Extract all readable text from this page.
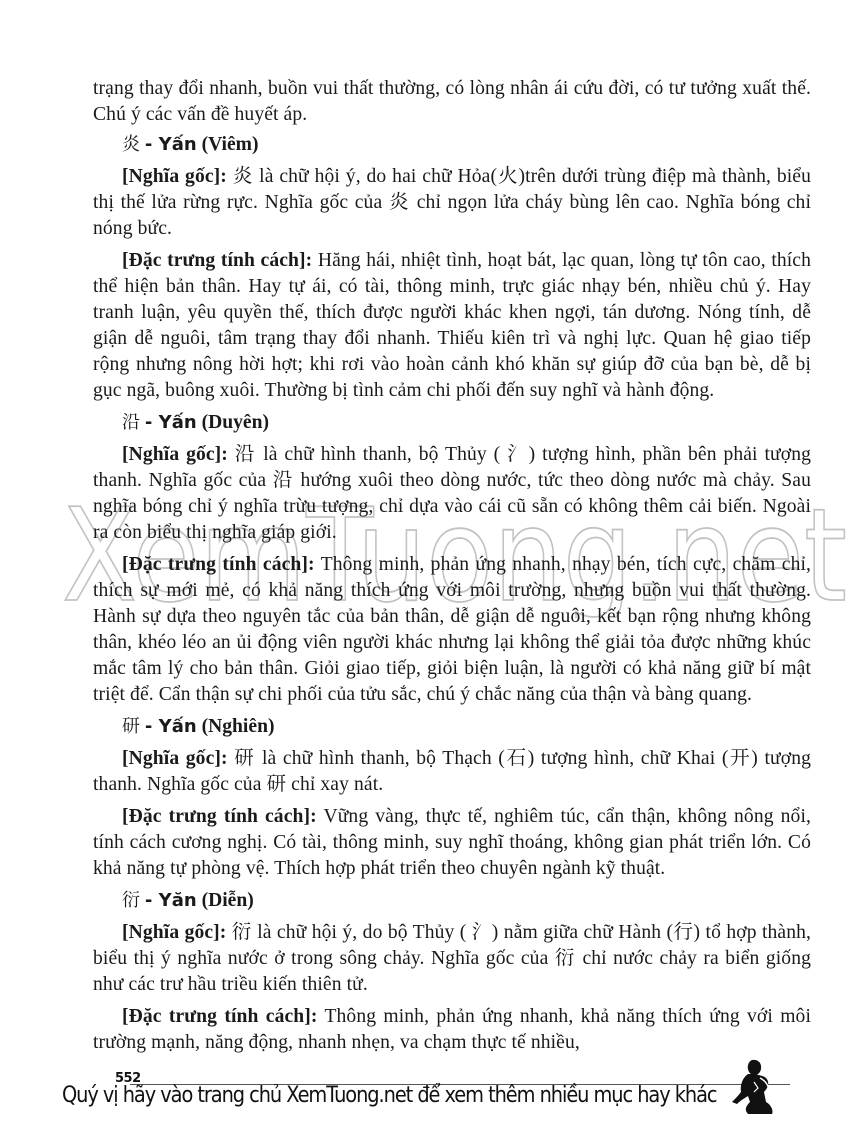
XemTuong.net

trạng thay đổi nhanh, buồn vui thất thường, có lòng nhân ái cứu đời, có tư tưởng xuất thế. Chú ý các vấn đề huyết áp.

炎 - Yấn (Viêm)

[Nghĩa gốc]: 炎 là chữ hội ý, do hai chữ Hỏa(火)trên dưới trùng điệp mà thành, biểu thị thế lửa rừng rực. Nghĩa gốc của 炎 chỉ ngọn lửa cháy bùng lên cao. Nghĩa bóng chỉ nóng bức.

[Đặc trưng tính cách]: Hăng hái, nhiệt tình, hoạt bát, lạc quan, lòng tự tôn cao, thích thể hiện bản thân. Hay tự ái, có tài, thông minh, trực giác nhạy bén, nhiều chủ ý. Hay tranh luận, yêu quyền thế, thích được người khác khen ngợi, tán dương. Nóng tính, dễ giận dễ nguôi, tâm trạng thay đổi nhanh. Thiếu kiên trì và nghị lực. Quan hệ giao tiếp rộng nhưng nông hời hợt; khi rơi vào hoàn cảnh khó khăn sự giúp đỡ của bạn bè, dễ bị gục ngã, buông xuôi. Thường bị tình cảm chi phối đến suy nghĩ và hành động.

沿 - Yấn (Duyên)

[Nghĩa gốc]: 沿 là chữ hình thanh, bộ Thủy ( 氵) tượng hình, phần bên phải tượng thanh. Nghĩa gốc của 沿 hướng xuôi theo dòng nước, tức theo dòng nước mà chảy. Sau nghĩa bóng chỉ ý nghĩa trừu tượng, chỉ dựa vào cái cũ sẵn có không thêm cải biến. Ngoài ra còn biểu thị nghĩa giáp giới.

[Đặc trưng tính cách]: Thông minh, phản ứng nhanh, nhạy bén, tích cực, chăm chỉ, thích sự mới mẻ, có khả năng thích ứng với môi trường, nhưng buồn vui thất thường. Hành sự dựa theo nguyên tắc của bản thân, dễ giận dễ nguôi, kết bạn rộng nhưng không thân, khéo léo an ủi động viên người khác nhưng lại không thể giải tỏa được những khúc mắc tâm lý cho bản thân. Giỏi giao tiếp, giỏi biện luận, là người có khả năng giữ bí mật triệt để. Cẩn thận sự chi phối của tửu sắc, chú ý chắc năng của thận và bàng quang.

研 - Yấn (Nghiên)

[Nghĩa gốc]: 研 là chữ hình thanh, bộ Thạch (石) tượng hình, chữ Khai (开) tượng thanh. Nghĩa gốc của 研 chỉ xay nát.

[Đặc trưng tính cách]: Vững vàng, thực tế, nghiêm túc, cẩn thận, không nông nổi, tính cách cương nghị. Có tài, thông minh, suy nghĩ thoáng, không gian phát triển lớn. Có khả năng tự phòng vệ. Thích hợp phát triển theo chuyên ngành kỹ thuật.

衍 - Yăn (Diễn)

[Nghĩa gốc]: 衍 là chữ hội ý, do bộ Thủy ( 氵) nằm giữa chữ Hành (行) tổ hợp thành, biểu thị ý nghĩa nước ở trong sông chảy. Nghĩa gốc của 衍 chỉ nước chảy ra biển giống như các trư hầu triều kiến thiên tử.

[Đặc trưng tính cách]: Thông minh, phản ứng nhanh, khả năng thích ứng với môi trường mạnh, năng động, nhanh nhẹn, va chạm thực tế nhiều,

Quý vị hãy vào trang chủ XemTuong.net để xem thêm nhiều mục hay khác
552
